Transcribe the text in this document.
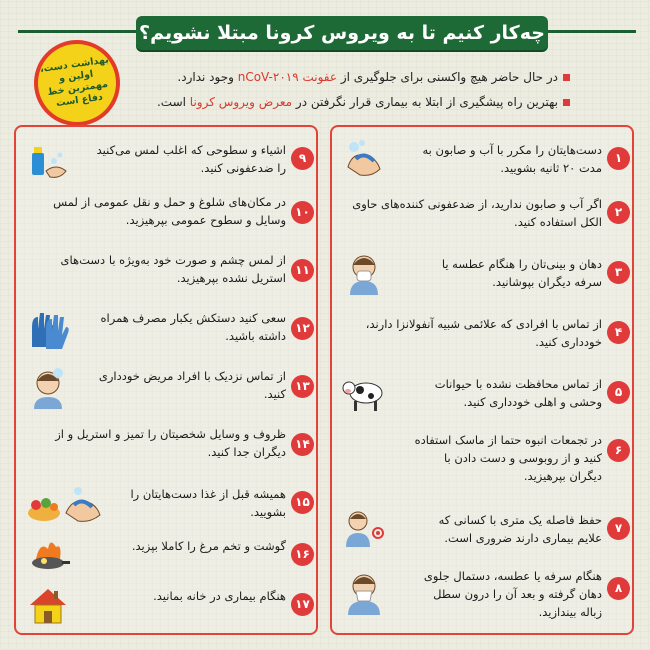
چه‌کار کنیم تا به ویروس کرونا مبتلا نشویم؟
بهداشت دست، اولین و مهمترین خط دفاع است
در حال حاضر هیچ واکسنی برای جلوگیری از عفونت nCoV-۲۰۱۹ وجود ندارد.
بهترین راه پیشگیری از ابتلا به بیماری قرار نگرفتن در معرض ویروس کرونا است.
۱
دست‌هایتان را مکرر با آب و صابون به مدت ۲۰ ثانیه بشویید.
۲
اگر آب و صابون ندارید، از ضدعفونی کننده‌های حاوی الکل استفاده کنید.
۳
دهان و بینی‌تان را هنگام عطسه یا سرفه دیگران بپوشانید.
۴
از تماس با افرادی که علائمی شبیه آنفولانزا دارند، خودداری کنید.
۵
از تماس محافظت نشده با حیوانات وحشی و اهلی خودداری کنید.
۶
در تجمعات انبوه حتما از ماسک استفاده کنید و از روبوسی و دست دادن با دیگران بپرهیزید.
۷
حفظ فاصله یک متری با کسانی که علایم بیماری دارند ضروری است.
۸
هنگام سرفه یا عطسه، دستمال جلوی دهان گرفته و بعد آن را درون سطل زباله بیندازید.
۹
اشیاء و سطوحی که اغلب لمس می‌کنید را ضدعفونی کنید.
۱۰
در مکان‌های شلوغ و حمل و نقل عمومی از لمس وسایل و سطوح عمومی بپرهیزید.
۱۱
از لمس چشم و صورت خود به‌ویژه با دست‌های استریل نشده بپرهیزید.
۱۲
سعی کنید دستکش یکبار مصرف همراه داشته باشید.
۱۳
از تماس نزدیک با افراد مریض خودداری کنید.
۱۴
ظروف و وسایل شخصیتان را تمیز و استریل و از دیگران جدا کنید.
۱۵
همیشه قبل از غذا دست‌هایتان را بشویید.
۱۶
گوشت و تخم مرغ را کاملا بپزید.
۱۷
هنگام بیماری در خانه بمانید.
